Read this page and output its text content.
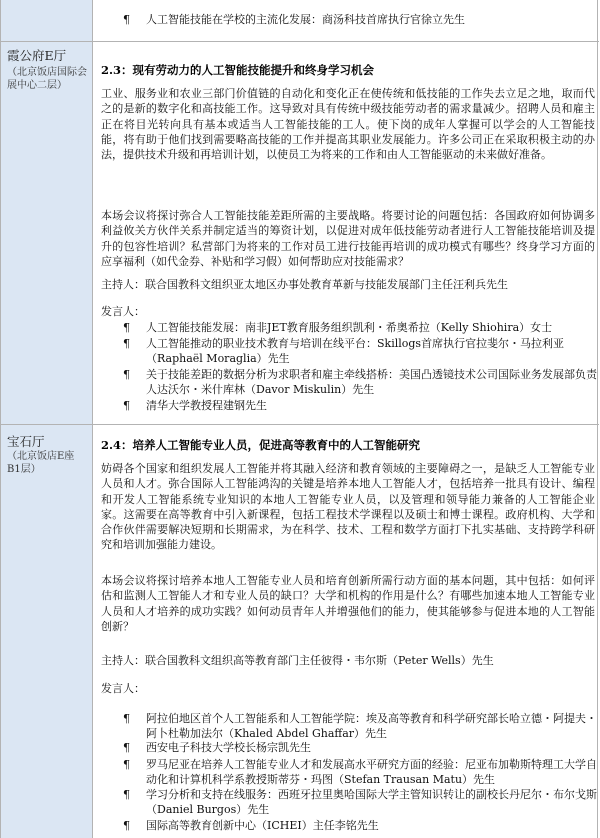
¶ 人工智能技能在学校的主流化发展：商汤科技首席执行官徐立先生
霞公府E厅
（北京饭店国际会展中心二层）
2.3：现有劳动力的人工智能技能提升和终身学习机会
工业、服务业和农业三部门价值链的自动化和变化正在使传统和低技能的工作失去立足之地，取而代之的是新的数字化和高技能工作。这导致对具有传统中级技能劳动者的需求量减少。招聘人员和雇主正在将目光转向具有基本或适当人工智能技能的工人。使下岗的成年人掌握可以学会的人工智能技能，将有助于他们找到需要略高技能的工作并提高其职业发展能力。许多公司正在采取积极主动的办法，提供技术升级和再培训计划，以使员工为将来的工作和由人工智能驱动的未来做好准备。
本场会议将探讨弥合人工智能技能差距所需的主要战略。将要讨论的问题包括：各国政府如何协调多利益攸关方伙伴关系并制定适当的筹资计划，以促进对成年低技能劳动者进行人工智能技能培训及提升的包容性培训？私营部门为将来的工作对员工进行技能再培训的成功模式有哪些？终身学习方面的应享福利（如代金券、补贴和学习假）如何帮助应对技能需求？
主持人：联合国教科文组织亚太地区办事处教育革新与技能发展部门主任汪利兵先生
发言人：
¶ 人工智能技能发展：南非JET教育服务组织凯利・希奥希拉（Kelly Shiohira）女士
¶ 人工智能推动的职业技术教育与培训在线平台：Skillogs首席执行官拉斐尔・马拉利亚（Raphaël Moraglia）先生
¶ 关于技能差距的数据分析为求职者和雇主牵线搭桥：美国凸透镜技术公司国际业务发展部负责人达沃尔・米什库林（Davor Miskulin）先生
¶ 清华大学教授程建钢先生
宝石厅
（北京饭店E座B1层）
2.4：培养人工智能专业人员，促进高等教育中的人工智能研究
妨碍各个国家和组织发展人工智能并将其融入经济和教育领域的主要障碍之一，是缺乏人工智能专业人员和人才。弥合国际人工智能鸿沟的关键是培养本地人工智能人才，包括培养一批具有设计、编程和开发人工智能系统专业知识的本地人工智能专业人员，以及管理和领导能力兼备的人工智能企业家。这需要在高等教育中引入新课程，包括工程技术学课程以及硕士和博士课程。政府机构、大学和合作伙伴需要解决短期和长期需求，为在科学、技术、工程和数学方面打下扎实基础、支持跨学科研究和培训加强能力建设。
本场会议将探讨培养本地人工智能专业人员和培育创新所需行动方面的基本问题，其中包括：如何评估和监测人工智能人才和专业人员的缺口？大学和机构的作用是什么？有哪些加速本地人工智能专业人员和人才培养的成功实践？如何动员青年人并增强他们的能力，使其能够参与促进本地的人工智能创新？
主持人：联合国教科文组织高等教育部门主任彼得・韦尔斯（Peter Wells）先生
发言人：
¶ 阿拉伯地区首个人工智能系和人工智能学院：埃及高等教育和科学研究部长哈立德・阿提夫・阿卜杜勒加法尔（Khaled Abdel Ghaffar）先生
¶ 西安电子科技大学校长杨宗凯先生
¶ 罗马尼亚在培养人工智能专业人才和发展高水平研究方面的经验：尼亚布加勒斯特理工大学自动化和计算机科学系教授斯蒂芬・玛图（Stefan Trausan Matu）先生
¶ 学习分析和支持在线服务：西班牙拉里奥哈国际大学主管知识转让的副校长丹尼尔・布尔戈斯（Daniel Burgos）先生
¶ 国际高等教育创新中心（ICHEI）主任李铭先生
